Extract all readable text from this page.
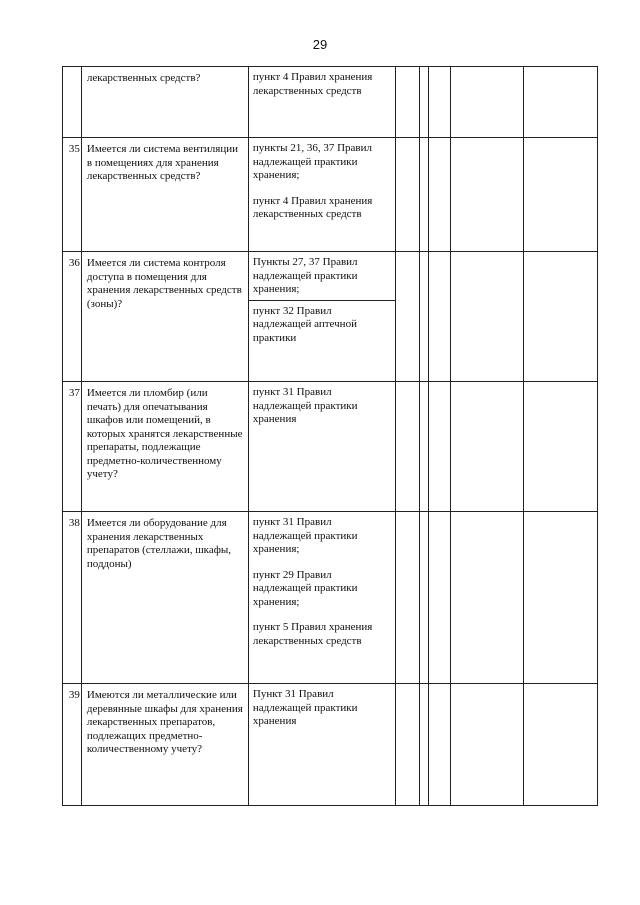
29
лекарственных средств?	пункт 4 Правил хранения лекарственных средств
35 Имеется ли система вентиляции в помещениях для хранения лекарственных средств?
пункты 21, 36, 37 Правил надлежащей практики хранения;
пункт 4 Правил хранения лекарственных средств
36 Имеется ли система контроля доступа в помещения для хранения лекарственных средств (зоны)?
Пункты 27, 37 Правил надлежащей практики хранения;
пункт 32 Правил надлежащей аптечной практики
37 Имеется ли пломбир (или печать) для опечатывания шкафов или помещений, в которых хранятся лекарственные препараты, подлежащие предметно-количественному учету?
пункт 31 Правил надлежащей практики хранения
38 Имеется ли оборудование для хранения лекарственных препаратов (стеллажи, шкафы, поддоны)
пункт 31 Правил надлежащей практики хранения;
пункт 29 Правил надлежащей практики хранения;
пункт 5 Правил хранения лекарственных средств
39 Имеются ли металлические или деревянные шкафы для хранения лекарственных препаратов, подлежащих предметно-количественному учету?
Пункт 31 Правил надлежащей практики хранения
